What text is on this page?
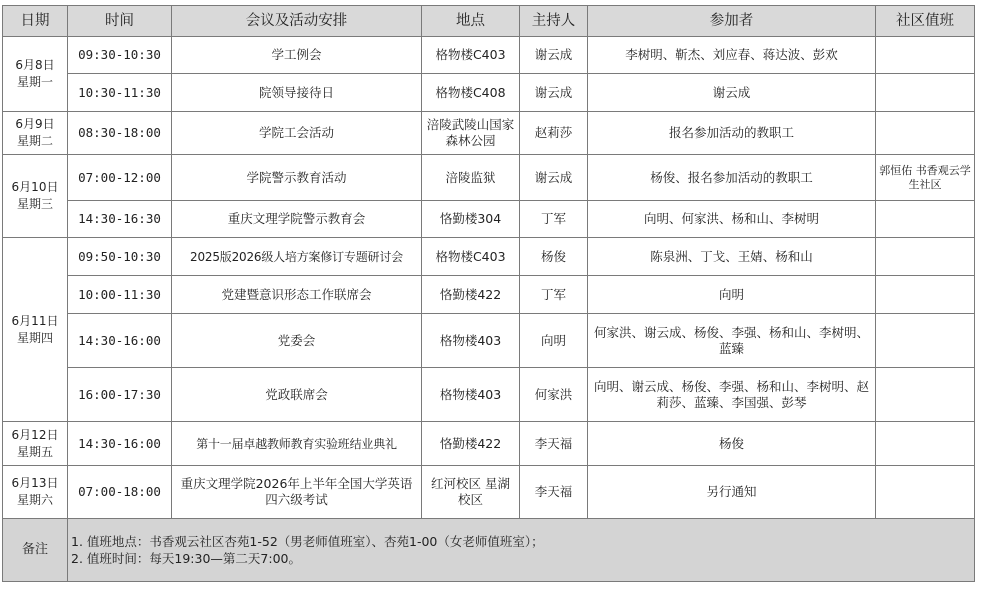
日期	时间	会议及活动安排	地点	主持人	参加者	社区值班

6月8日
星期一	09:30-10:30	学工例会	格物楼C403	谢云成	李树明、靳杰、刘应春、蒋达波、彭欢	
	10:30-11:30	院领导接待日	格物楼C408	谢云成	谢云成	

6月9日
星期二	08:30-18:00	学院工会活动	涪陵武陵山国家森林公园	赵莉莎	报名参加活动的教职工	

6月10日
星期三	07:00-12:00	学院警示教育活动	涪陵监狱	谢云成	杨俊、报名参加活动的教职工	郭恒佑 书香观云学生社区
	14:30-16:30	重庆文理学院警示教育会	恪勤楼304	丁军	向明、何家洪、杨和山、李树明	

6月11日
星期四	09:50-10:30	2025版2026级人培方案修订专题研讨会	格物楼C403	杨俊	陈泉洲、丁戈、王婧、杨和山	
	10:00-11:30	党建暨意识形态工作联席会	恪勤楼422	丁军	向明	
	14:30-16:00	党委会	格物楼403	向明	何家洪、谢云成、杨俊、李强、杨和山、李树明、蓝臻	
	16:00-17:30	党政联席会	格物楼403	何家洪	向明、谢云成、杨俊、李强、杨和山、李树明、赵莉莎、蓝臻、李国强、彭琴	

6月12日
星期五	14:30-16:00	第十一届卓越教师教育实验班结业典礼	恪勤楼422	李天福	杨俊	

6月13日
星期六	07:00-18:00	重庆文理学院2026年上半年全国大学英语四六级考试	红河校区 星湖校区	李天福	另行通知	
备注	1. 值班地点：书香观云社区杏苑1-52（男老师值班室）、杏苑1-00（女老师值班室）；
2. 值班时间：每天19:30—第二天7:00。					
